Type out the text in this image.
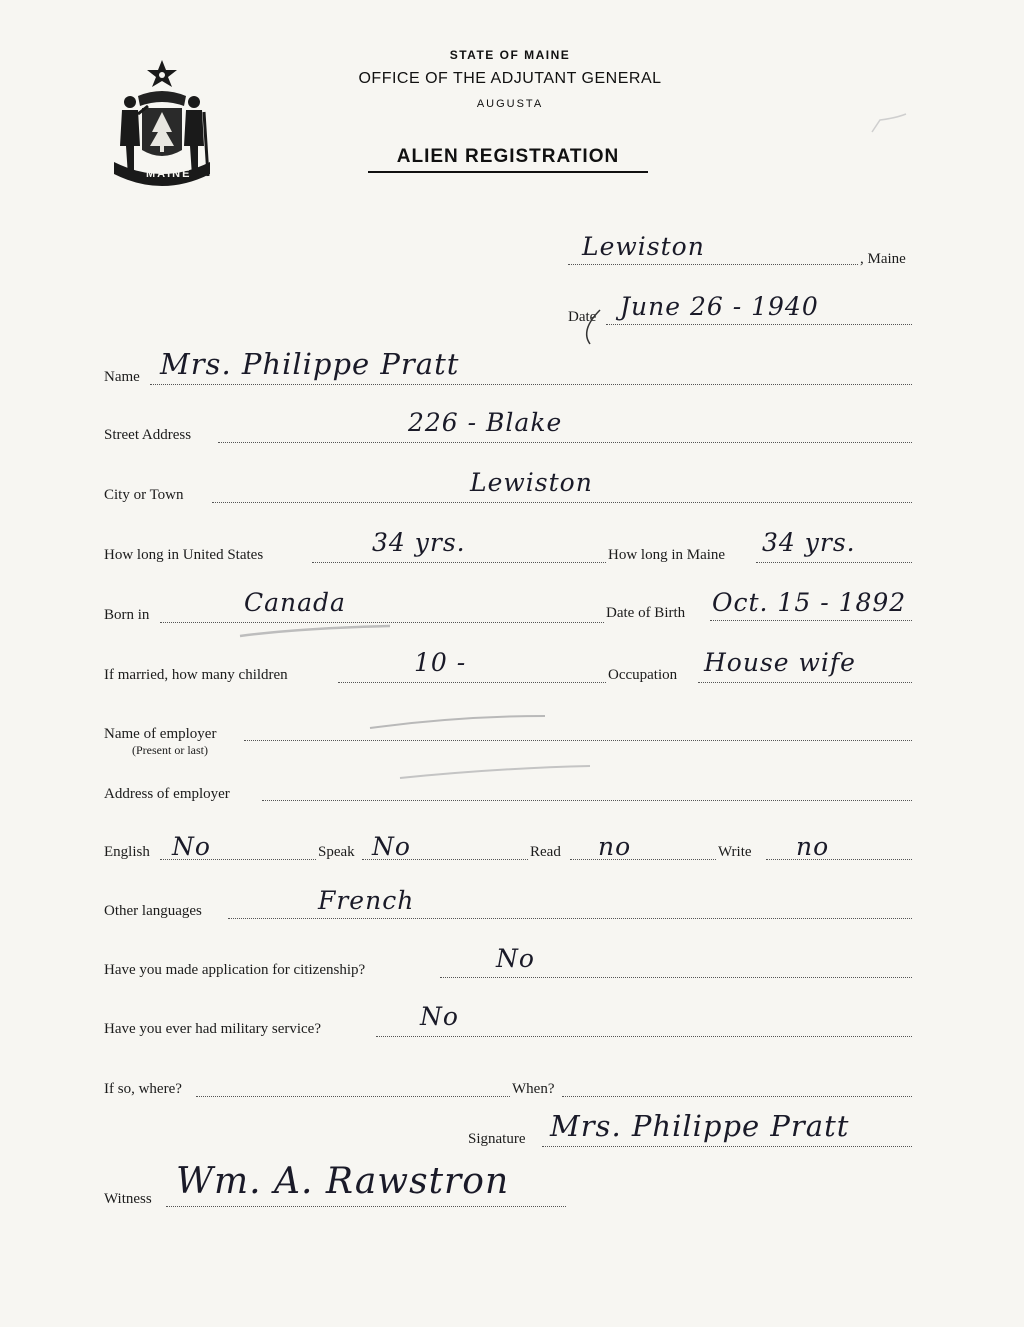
MAINE
STATE OF MAINE
OFFICE OF THE ADJUTANT GENERAL
AUGUSTA
ALIEN REGISTRATION
Lewiston	, Maine
Date June 26 - 1940
Name Mrs. Philippe Pratt
Street Address	226 - Blake
City or Town	Lewiston
How long in United States	34 yrs.	How long in Maine 34 yrs.
Born in	Canada	Date of Birth Oct. 15 - 1892
If married, how many children	10 -	Occupation House wife
Name of employer
(Present or last)
Address of employer
English No	Speak No	Read no	Write no
Other languages	French
Have you made application for citizenship?	No
Have you ever had military service?	No
If so, where?	When?
Signature Mrs. Philippe Pratt
Witness Wm. A. Rawstron
